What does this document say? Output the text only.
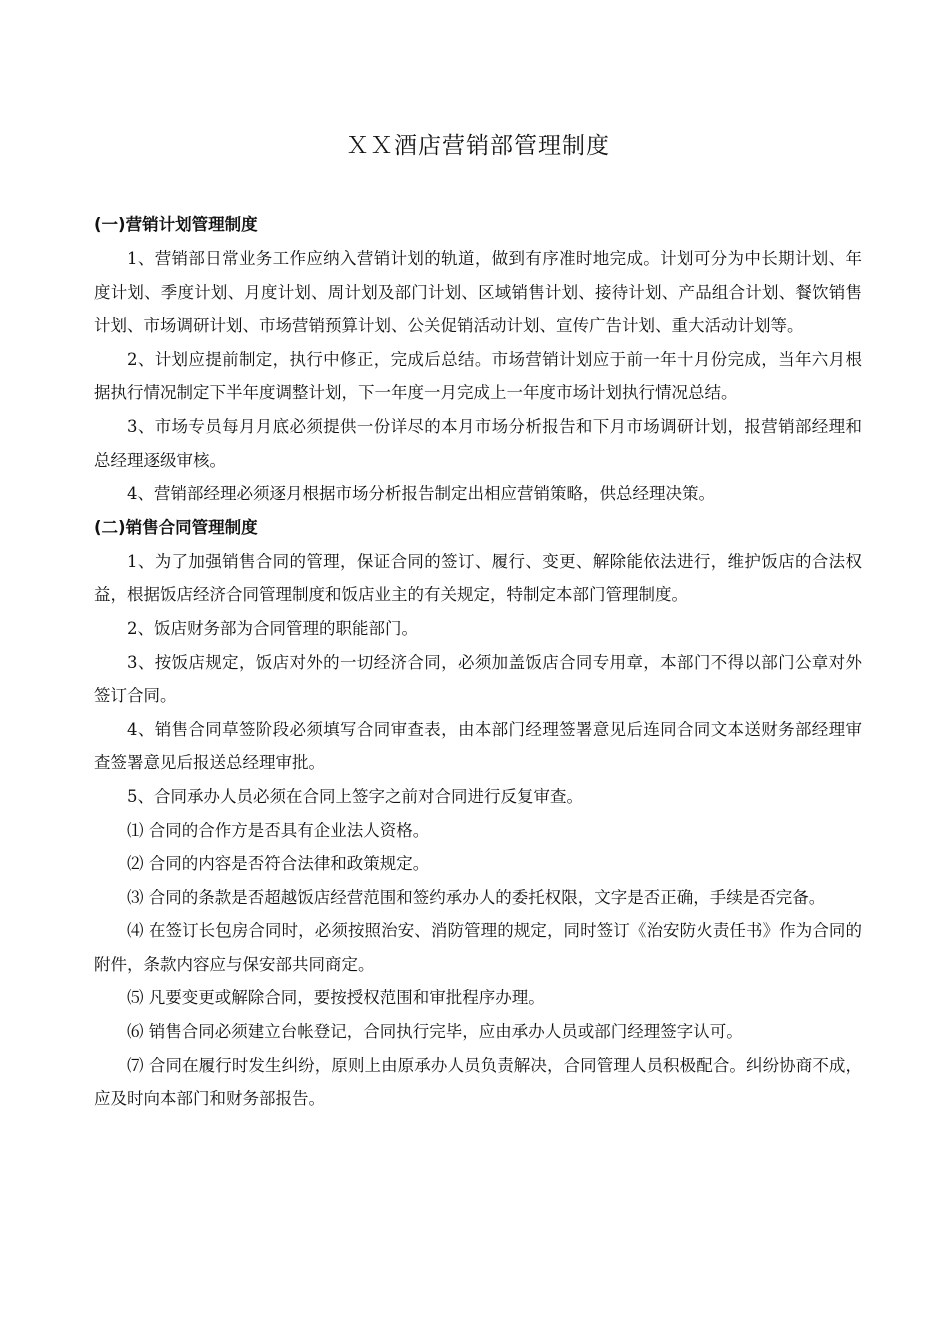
ＸＸ酒店营销部管理制度
(一)营销计划管理制度

1、营销部日常业务工作应纳入营销计划的轨道，做到有序准时地完成。计划可分为中长期计划、年度计划、季度计划、月度计划、周计划及部门计划、区域销售计划、接待计划、产品组合计划、餐饮销售计划、市场调研计划、市场营销预算计划、公关促销活动计划、宣传广告计划、重大活动计划等。

2、计划应提前制定，执行中修正，完成后总结。市场营销计划应于前一年十月份完成，当年六月根据执行情况制定下半年度调整计划，下一年度一月完成上一年度市场计划执行情况总结。

3、市场专员每月月底必须提供一份详尽的本月市场分析报告和下月市场调研计划，报营销部经理和总经理逐级审核。

4、营销部经理必须逐月根据市场分析报告制定出相应营销策略，供总经理决策。

(二)销售合同管理制度

1、为了加强销售合同的管理，保证合同的签订、履行、变更、解除能依法进行，维护饭店的合法权益，根据饭店经济合同管理制度和饭店业主的有关规定，特制定本部门管理制度。

2、饭店财务部为合同管理的职能部门。

3、按饭店规定，饭店对外的一切经济合同，必须加盖饭店合同专用章，本部门不得以部门公章对外签订合同。

4、销售合同草签阶段必须填写合同审查表，由本部门经理签署意见后连同合同文本送财务部经理审查签署意见后报送总经理审批。

5、合同承办人员必须在合同上签字之前对合同进行反复审查。

⑴ 合同的合作方是否具有企业法人资格。

⑵ 合同的内容是否符合法律和政策规定。

⑶ 合同的条款是否超越饭店经营范围和签约承办人的委托权限，文字是否正确，手续是否完备。

⑷ 在签订长包房合同时，必须按照治安、消防管理的规定，同时签订《治安防火责任书》作为合同的附件，条款内容应与保安部共同商定。

⑸ 凡要变更或解除合同，要按授权范围和审批程序办理。

⑹ 销售合同必须建立台帐登记，合同执行完毕，应由承办人员或部门经理签字认可。

⑺ 合同在履行时发生纠纷，原则上由原承办人员负责解决，合同管理人员积极配合。纠纷协商不成，应及时向本部门和财务部报告。
